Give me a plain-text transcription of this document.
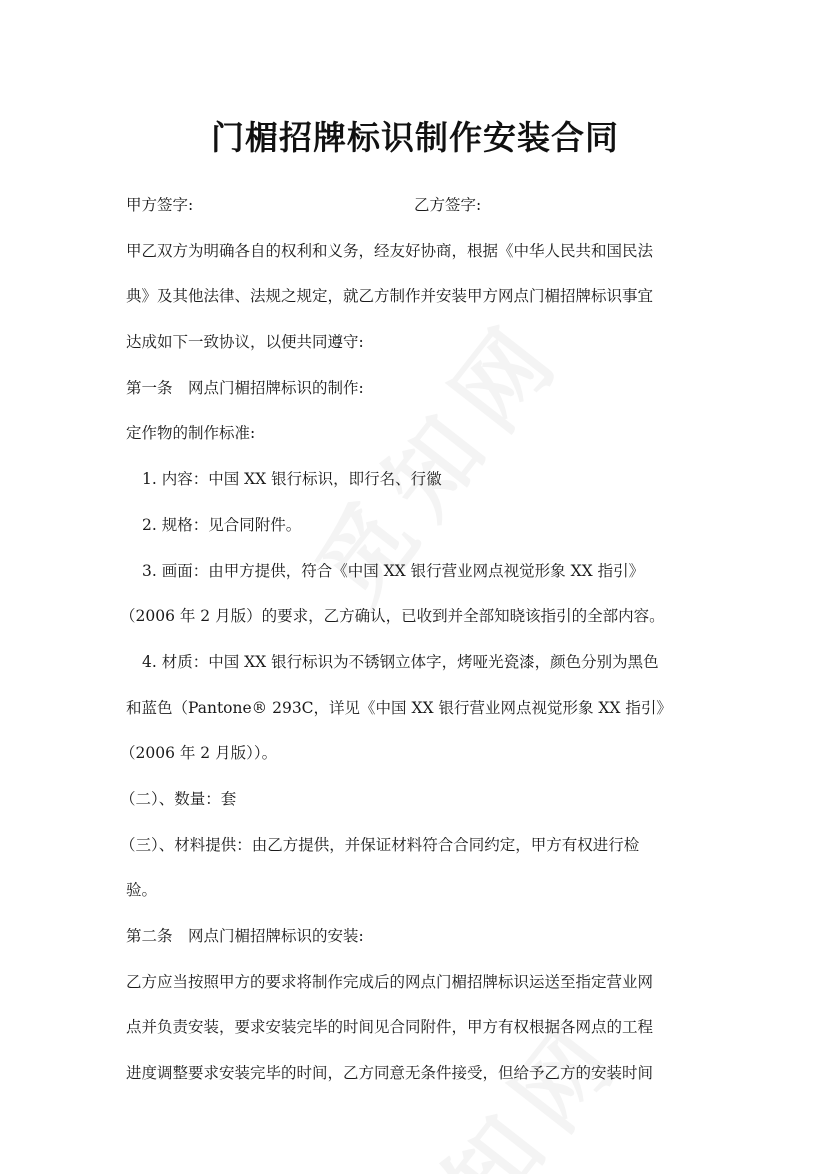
门楣招牌标识制作安装合同
甲方签字:	乙方签字:
甲乙双方为明确各自的权利和义务，经友好协商，根据《中华人民共和国民法
典》及其他法律、法规之规定，就乙方制作并安装甲方网点门楣招牌标识事宜
达成如下一致协议，以便共同遵守:
第一条　网点门楣招牌标识的制作:
定作物的制作标准:
1. 内容：中国 XX 银行标识，即行名、行徽
2. 规格：见合同附件。
3. 画面：由甲方提供，符合《中国 XX 银行营业网点视觉形象 XX 指引》
（2006 年 2 月版）的要求，乙方确认，已收到并全部知晓该指引的全部内容。
4. 材质：中国 XX 银行标识为不锈钢立体字，烤哑光瓷漆，颜色分别为黑色
和蓝色（Pantone® 293C，详见《中国 XX 银行营业网点视觉形象 XX 指引》
（2006 年 2 月版））。
（二）、数量：套
（三）、材料提供：由乙方提供，并保证材料符合合同约定，甲方有权进行检
验。
第二条　网点门楣招牌标识的安装:
乙方应当按照甲方的要求将制作完成后的网点门楣招牌标识运送至指定营业网
点并负责安装，要求安装完毕的时间见合同附件，甲方有权根据各网点的工程
进度调整要求安装完毕的时间，乙方同意无条件接受，但给予乙方的安装时间
